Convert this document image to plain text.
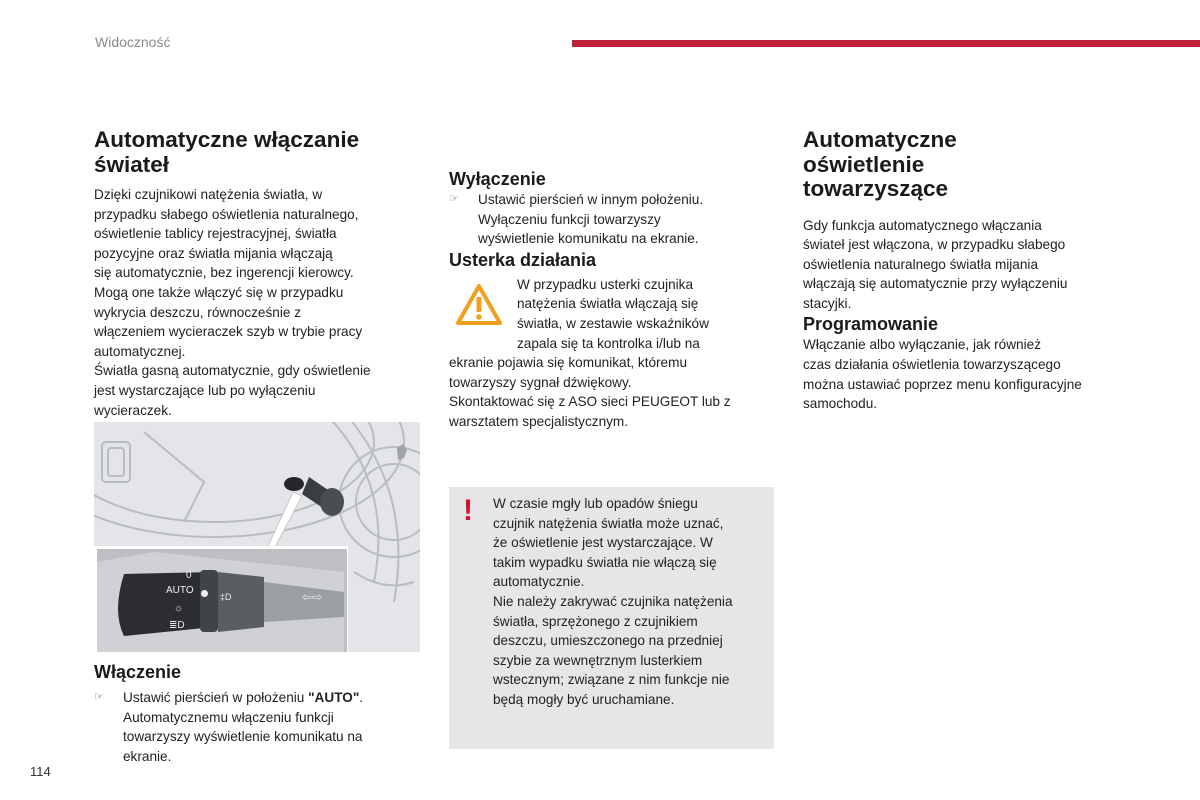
Widoczność
Automatyczne włączanie
świateł

Dzięki czujnikowi natężenia światła, w

przypadku słabego oświetlenia naturalnego,

oświetlenie tablicy rejestracyjnej, światła

pozycyjne oraz światła mijania włączają

się automatycznie, bez ingerencji kierowcy.

Mogą one także włączyć się w przypadku

wykrycia deszczu, równocześnie z

włączeniem wycieraczek szyb w trybie pracy

automatycznej.

Światła gasną automatycznie, gdy oświetlenie

jest wystarczające lub po wyłączeniu

wycieraczek.

AUTO
0
≣D
☼
‡D	⇦⇨
Włączenie
☞	Ustawić pierścień w położeniu "AUTO".
Automatycznemu włączeniu funkcji
towarzyszy wyświetlenie komunikatu na
ekranie.
Wyłączenie
☞	Ustawić pierścień w innym położeniu.
Wyłączeniu funkcji towarzyszy
wyświetlenie komunikatu na ekranie.
Usterka działania

W przypadku usterki czujnika

natężenia światła włączają się

światła, w zestawie wskaźników

zapala się ta kontrolka i/lub na

ekranie pojawia się komunikat, któremu

towarzyszy sygnał dźwiękowy.

Skontaktować się z ASO sieci PEUGEOT lub z

warsztatem specjalistycznym.

! W czasie mgły lub opadów śniegu

czujnik natężenia światła może uznać,

że oświetlenie jest wystarczające. W

takim wypadku światła nie włączą się

automatycznie.

Nie należy zakrywać czujnika natężenia

światła, sprzężonego z czujnikiem

deszczu, umieszczonego na przedniej

szybie za wewnętrznym lusterkiem

wstecznym; związane z nim funkcje nie

będą mogły być uruchamiane.

Automatyczne
oświetlenie
towarzyszące

Gdy funkcja automatycznego włączania

świateł jest włączona, w przypadku słabego

oświetlenia naturalnego światła mijania

włączają się automatycznie przy wyłączeniu

stacyjki.

Programowanie

Włączanie albo wyłączanie, jak również

czas działania oświetlenia towarzyszącego

można ustawiać poprzez menu konfiguracyjne

samochodu.

114
